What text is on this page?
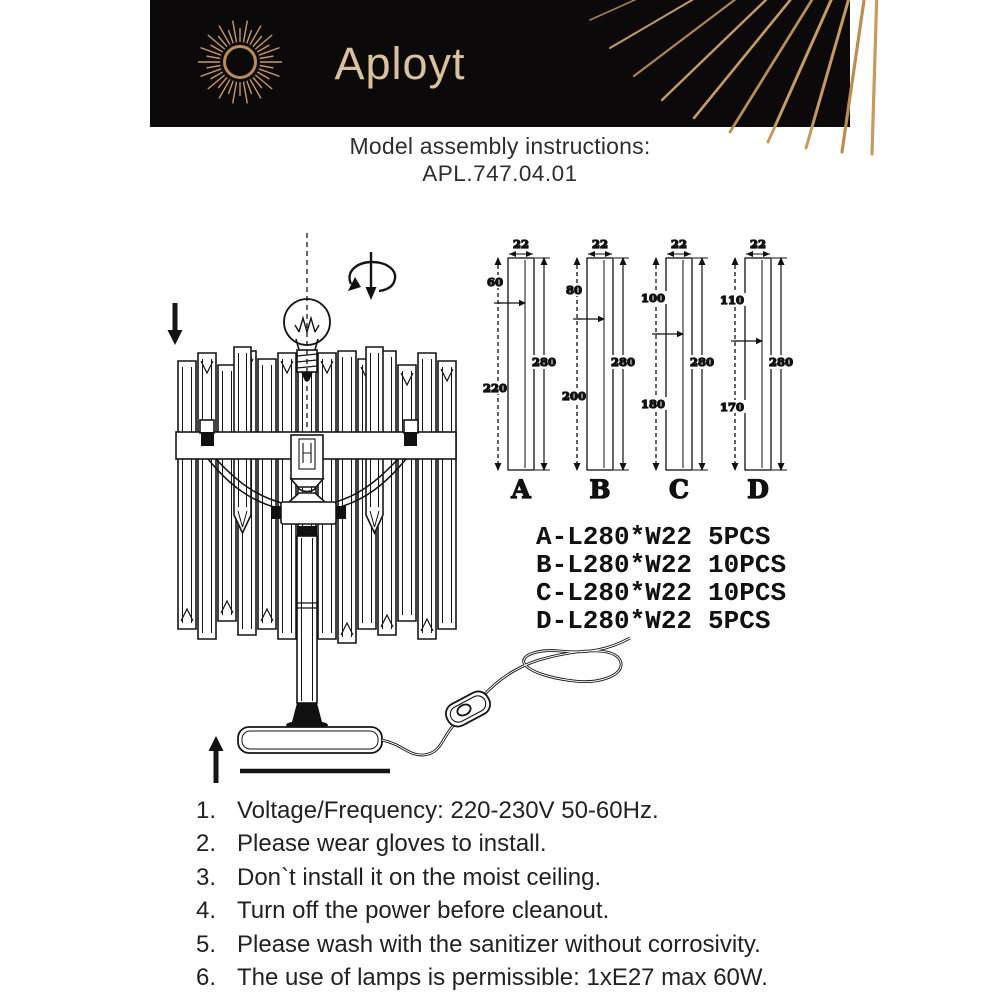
Aployt
Model assembly instructions:
APL.747.04.01
22
280
60
220
A
22
280
80
200
B
22
280
100
180
C
22
280
110
170
D
A-L280*W22 5PCS
B-L280*W22 10PCS
C-L280*W22 10PCS
D-L280*W22 5PCS
1. Voltage/Frequency: 220-230V 50-60Hz.
2. Please wear gloves to install.
3. Don`t install it on the moist ceiling.
4. Turn off the power before cleanout.
5. Please wash with the sanitizer without corrosivity.
6. The use of lamps is permissible: 1xE27 max 60W.
